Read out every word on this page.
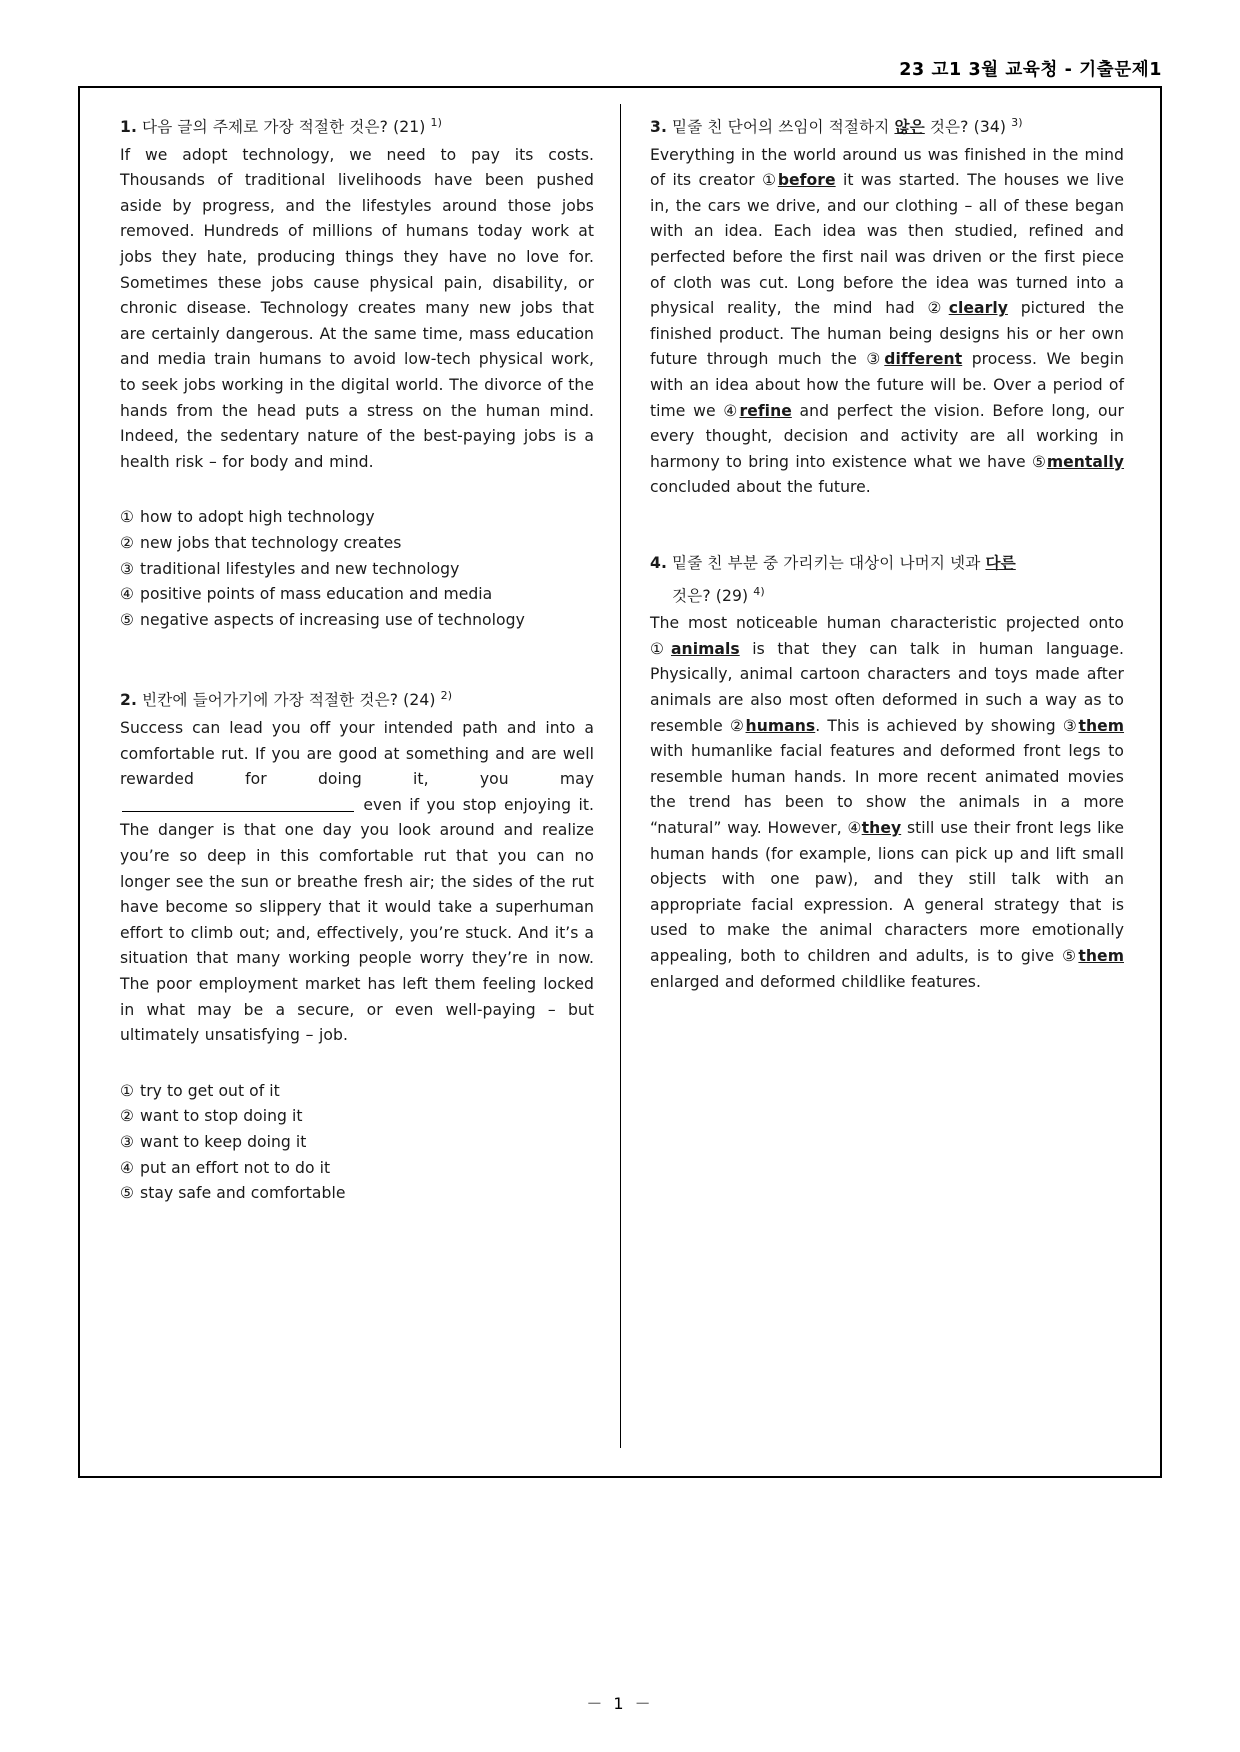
23 고1 3월 교육청 - 기출문제1
1. 다음 글의 주제로 가장 적절한 것은? (21) $^{1)}$
If we adopt technology, we need to pay its costs. Thousands of traditional livelihoods have been pushed aside by progress, and the lifestyles around those jobs removed. Hundreds of millions of humans today work at jobs they hate, producing things they have no love for. Sometimes these jobs cause physical pain, disability, or chronic disease. Technology creates many new jobs that are certainly dangerous. At the same time, mass education and media train humans to avoid low-tech physical work, to seek jobs working in the digital world. The divorce of the hands from the head puts a stress on the human mind. Indeed, the sedentary nature of the best-paying jobs is a health risk – for body and mind.
① how to adopt high technology
② new jobs that technology creates
③ traditional lifestyles and new technology
④ positive points of mass education and media
⑤ negative aspects of increasing use of technology
2. 빈칸에 들어가기에 가장 적절한 것은? (24) $^{2)}$
Success can lead you off your intended path and into a comfortable rut. If you are good at something and are well rewarded for doing it, you may  even if you stop enjoying it. The danger is that one day you look around and realize you’re so deep in this comfortable rut that you can no longer see the sun or breathe fresh air; the sides of the rut have become so slippery that it would take a superhuman effort to climb out; and, effectively, you’re stuck. And it’s a situation that many working people worry they’re in now. The poor employment market has left them feeling locked in what may be a secure, or even well-paying – but ultimately unsatisfying – job.
① try to get out of it
② want to stop doing it
③ want to keep doing it
④ put an effort not to do it
⑤ stay safe and comfortable
3. 밑줄 친 단어의 쓰임이 적절하지 않은 것은? (34) $^{3)}$
Everything in the world around us was finished in the mind of its creator ①before it was started. The houses we live in, the cars we drive, and our clothing – all of these began with an idea. Each idea was then studied, refined and perfected before the first nail was driven or the first piece of cloth was cut. Long before the idea was turned into a physical reality, the mind had ②clearly pictured the finished product. The human being designs his or her own future through much the ③different process. We begin with an idea about how the future will be. Over a period of time we ④refine and perfect the vision. Before long, our every thought, decision and activity are all working in harmony to bring into existence what we have ⑤mentally concluded about the future.
4. 밑줄 친 부분 중 가리키는 대상이 나머지 넷과 다른
것은? (29) $^{4)}$
The most noticeable human characteristic projected onto ①animals is that they can talk in human language. Physically, animal cartoon characters and toys made after animals are also most often deformed in such a way as to resemble ②humans. This is achieved by showing ③them with humanlike facial features and deformed front legs to resemble human hands. In more recent animated movies the trend has been to show the animals in a more “natural” way. However, ④they still use their front legs like human hands (for example, lions can pick up and lift small objects with one paw), and they still talk with an appropriate facial expression. A general strategy that is used to make the animal characters more emotionally appealing, both to children and adults, is to give ⑤them enlarged and deformed childlike features.
－ 1 －
